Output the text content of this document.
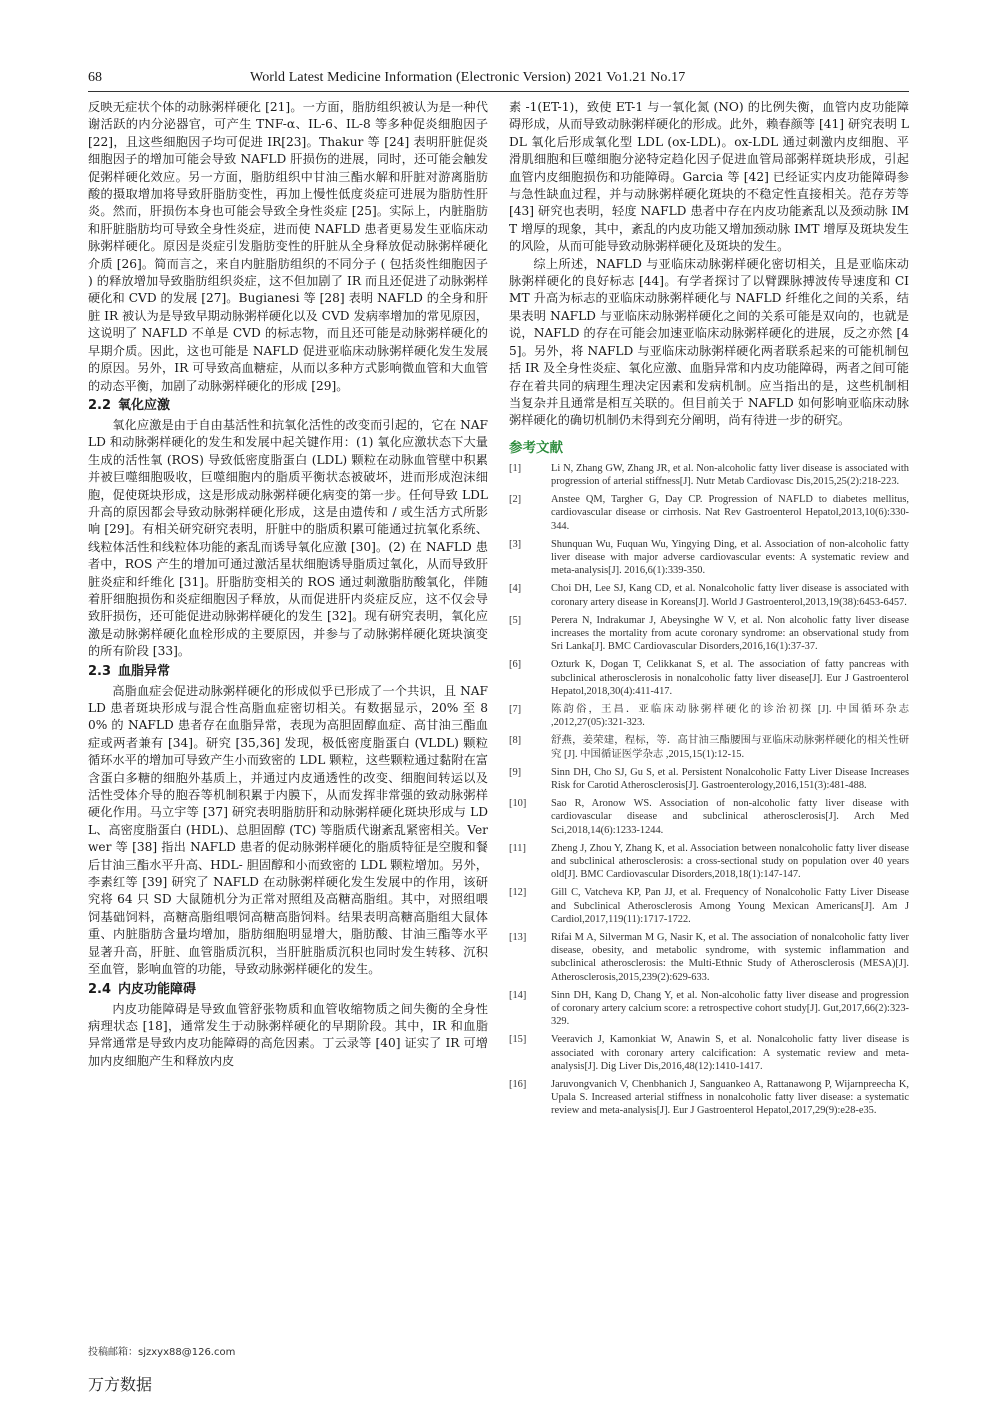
68	World Latest Medicine Information (Electronic Version) 2021 Vo1.21 No.17

反映无症状个体的动脉粥样硬化 [21]。一方面，脂肪组织被认为是一种代谢活跃的内分泌器官，可产生 TNF-α、IL-6、IL-8 等多种促炎细胞因子 [22]，且这些细胞因子均可促进 IR[23]。Thakur 等 [24] 表明肝脏促炎细胞因子的增加可能会导致 NAFLD 肝损伤的进展，同时，还可能会触发促粥样硬化效应。另一方面，脂肪组织中甘油三酯水解和肝脏对游离脂肪酸的摄取增加将导致肝脂肪变性，再加上慢性低度炎症可进展为脂肪性肝炎。然而，肝损伤本身也可能会导致全身性炎症 [25]。实际上，内脏脂肪和肝脏脂肪均可导致全身性炎症，进而使 NAFLD 患者更易发生亚临床动脉粥样硬化。原因是炎症引发脂肪变性的肝脏从全身释放促动脉粥样硬化介质 [26]。简而言之，来自内脏脂肪组织的不同分子 ( 包括炎性细胞因子 ) 的释放增加导致脂肪组织炎症，这不但加剧了 IR 而且还促进了动脉粥样硬化和 CVD 的发展 [27]。Bugianesi 等 [28] 表明 NAFLD 的全身和肝脏 IR 被认为是导致早期动脉粥样硬化以及 CVD 发病率增加的常见原因，这说明了 NAFLD 不单是 CVD 的标志物，而且还可能是动脉粥样硬化的早期介质。因此，这也可能是 NAFLD 促进亚临床动脉粥样硬化发生发展的原因。另外，IR 可导致高血糖症，从而以多种方式影响微血管和大血管的动态平衡，加剧了动脉粥样硬化的形成 [29]。

2.2 氧化应激

氧化应激是由于自由基活性和抗氧化活性的改变而引起的，它在 NAFLD 和动脉粥样硬化的发生和发展中起关键作用：(1) 氧化应激状态下大量生成的活性氧 (ROS) 导致低密度脂蛋白 (LDL) 颗粒在动脉血管壁中积累并被巨噬细胞吸收，巨噬细胞内的脂质平衡状态被破坏，进而形成泡沫细胞，促使斑块形成，这是形成动脉粥样硬化病变的第一步。任何导致 LDL 升高的原因都会导致动脉粥样硬化形成，这是由遗传和 / 或生活方式所影响 [29]。有相关研究研究表明，肝脏中的脂质积累可能通过抗氧化系统、线粒体活性和线粒体功能的紊乱而诱导氧化应激 [30]。(2) 在 NAFLD 患者中，ROS 产生的增加可通过激活星状细胞诱导脂质过氧化，从而导致肝脏炎症和纤维化 [31]。肝脂肪变相关的 ROS 通过刺激脂肪酸氧化，伴随着肝细胞损伤和炎症细胞因子释放，从而促进肝内炎症反应，这不仅会导致肝损伤，还可能促进动脉粥样硬化的发生 [32]。现有研究表明，氧化应激是动脉粥样硬化血栓形成的主要原因，并参与了动脉粥样硬化斑块演变的所有阶段 [33]。

2.3 血脂异常

高脂血症会促进动脉粥样硬化的形成似乎已形成了一个共识，且 NAFLD 患者斑块形成与混合性高脂血症密切相关。有数据显示，20% 至 80% 的 NAFLD 患者存在血脂异常，表现为高胆固醇血症、高甘油三酯血症或两者兼有 [34]。研究 [35,36] 发现，极低密度脂蛋白 (VLDL) 颗粒循环水平的增加可导致产生小而致密的 LDL 颗粒，这些颗粒通过黏附在富含蛋白多糖的细胞外基质上，并通过内皮通透性的改变、细胞间转运以及活性受体介导的胞吞等机制积累于内膜下，从而发挥非常强的致动脉粥样硬化作用。马立宇等 [37] 研究表明脂肪肝和动脉粥样硬化斑块形成与 LDL、高密度脂蛋白 (HDL)、总胆固醇 (TC) 等脂质代谢紊乱紧密相关。Verwer 等 [38] 指出 NAFLD 患者的促动脉粥样硬化的脂质特征是空腹和餐后甘油三酯水平升高、HDL- 胆固醇和小而致密的 LDL 颗粒增加。另外，李素红等 [39] 研究了 NAFLD 在动脉粥样硬化发生发展中的作用，该研究将 64 只 SD 大鼠随机分为正常对照组及高糖高脂组。其中，对照组喂饲基础饲料，高糖高脂组喂饲高糖高脂饲料。结果表明高糖高脂组大鼠体重、内脏脂肪含量均增加，脂肪细胞明显增大，脂肪酸、甘油三酯等水平显著升高，肝脏、血管脂质沉积，当肝脏脂质沉积也同时发生转移、沉积至血管，影响血管的功能，导致动脉粥样硬化的发生。

2.4 内皮功能障碍

内皮功能障碍是导致血管舒张物质和血管收缩物质之间失衡的全身性病理状态 [18]，通常发生于动脉粥样硬化的早期阶段。其中，IR 和血脂异常通常是导致内皮功能障碍的高危因素。丁云录等 [40] 证实了 IR 可增加内皮细胞产生和释放内皮

素 -1(ET-1)，致使 ET-1 与一氧化氮 (NO) 的比例失衡，血管内皮功能障碍形成，从而导致动脉粥样硬化的形成。此外，赖春颜等 [41] 研究表明 LDL 氧化后形成氧化型 LDL (ox-LDL)。ox-LDL 通过刺激内皮细胞、平滑肌细胞和巨噬细胞分泌特定趋化因子促进血管局部粥样斑块形成，引起血管内皮细胞损伤和功能障碍。Garcia 等 [42] 已经证实内皮功能障碍参与急性缺血过程，并与动脉粥样硬化斑块的不稳定性直接相关。范存芳等 [43] 研究也表明，轻度 NAFLD 患者中存在内皮功能紊乱以及颈动脉 IMT 增厚的现象，其中，紊乱的内皮功能又增加颈动脉 IMT 增厚及斑块发生的风险，从而可能导致动脉粥样硬化及斑块的发生。

综上所述，NAFLD 与亚临床动脉粥样硬化密切相关，且是亚临床动脉粥样硬化的良好标志 [44]。有学者探讨了以臂踝脉搏波传导速度和 CIMT 升高为标志的亚临床动脉粥样硬化与 NAFLD 纤维化之间的关系，结果表明 NAFLD 与亚临床动脉粥样硬化之间的关系可能是双向的，也就是说，NAFLD 的存在可能会加速亚临床动脉粥样硬化的进展，反之亦然 [45]。另外，将 NAFLD 与亚临床动脉粥样硬化两者联系起来的可能机制包括 IR 及全身性炎症、氧化应激、血脂异常和内皮功能障碍，两者之间可能存在着共同的病理生理决定因素和发病机制。应当指出的是，这些机制相当复杂并且通常是相互关联的。但目前关于 NAFLD 如何影响亚临床动脉粥样硬化的确切机制仍未得到充分阐明，尚有待进一步的研究。

参考文献
[1]	Li N, Zhang GW, Zhang JR, et al. Non-alcoholic fatty liver disease is associated with progression of arterial stiffness[J]. Nutr Metab Cardiovasc Dis,2015,25(2):218-223.
[2]	Anstee QM, Targher G, Day CP. Progression of NAFLD to diabetes mellitus, cardiovascular disease or cirrhosis. Nat Rev Gastroenterol Hepatol,2013,10(6):330-344.
[3]	Shunquan Wu, Fuquan Wu, Yingying Ding, et al. Association of non-alcoholic fatty liver disease with major adverse cardiovascular events: A systematic review and meta-analysis[J]. 2016,6(1):339-350.
[4]	Choi DH, Lee SJ, Kang CD, et al. Nonalcoholic fatty liver disease is associated with coronary artery disease in Koreans[J]. World J Gastroenterol,2013,19(38):6453-6457.
[5]	Perera N, Indrakumar J, Abeysinghe W V, et al. Non alcoholic fatty liver disease increases the mortality from acute coronary syndrome: an observational study from Sri Lanka[J]. BMC Cardiovascular Disorders,2016,16(1):37-37.
[6]	Ozturk K, Dogan T, Celikkanat S, et al. The association of fatty pancreas with subclinical atherosclerosis in nonalcoholic fatty liver disease[J]. Eur J Gastroenterol Hepatol,2018,30(4):411-417.
[7]	陈韵俗，王昌．亚临床动脉粥样硬化的诊治初探 [J]. 中国循环杂志 ,2012,27(05):321-323.
[8]	舒燕，姜荣建，程标，等．高甘油三酯腰围与亚临床动脉粥样硬化的相关性研究 [J]. 中国循证医学杂志 ,2015,15(1):12-15.
[9]	Sinn DH, Cho SJ, Gu S, et al. Persistent Nonalcoholic Fatty Liver Disease Increases Risk for Carotid Atherosclerosis[J]. Gastroenterology,2016,151(3):481-488.
[10] Sao R, Aronow WS. Association of non-alcoholic fatty liver disease with cardiovascular disease and subclinical atherosclerosis[J]. Arch Med Sci,2018,14(6):1233-1244.
[11] Zheng J, Zhou Y, Zhang K, et al. Association between nonalcoholic fatty liver disease and subclinical atherosclerosis: a cross-sectional study on population over 40 years old[J]. BMC Cardiovascular Disorders,2018,18(1):147-147.
[12] Gill C, Vatcheva KP, Pan JJ, et al. Frequency of Nonalcoholic Fatty Liver Disease and Subclinical Atherosclerosis Among Young Mexican Americans[J]. Am J Cardiol,2017,119(11):1717-1722.
[13] Rifai M A, Silverman M G, Nasir K, et al. The association of nonalcoholic fatty liver disease, obesity, and metabolic syndrome, with systemic inflammation and subclinical atherosclerosis: the Multi-Ethnic Study of Atherosclerosis (MESA)[J]. Atherosclerosis,2015,239(2):629-633.
[14] Sinn DH, Kang D, Chang Y, et al. Non-alcoholic fatty liver disease and progression of coronary artery calcium score: a retrospective cohort study[J]. Gut,2017,66(2):323-329.
[15] Veeravich J, Kamonkiat W, Anawin S, et al. Nonalcoholic fatty liver disease is associated with coronary artery calcification: A systematic review and meta-analysis[J]. Dig Liver Dis,2016,48(12):1410-1417.
[16] Jaruvongvanich V, Chenbhanich J, Sanguankeo A, Rattanawong P, Wijarnpreecha K, Upala S. Increased arterial stiffness in nonalcoholic fatty liver disease: a systematic review and meta-analysis[J]. Eur J Gastroenterol Hepatol,2017,29(9):e28-e35.
投稿邮箱：sjzxyx88@126.com
万方数据
